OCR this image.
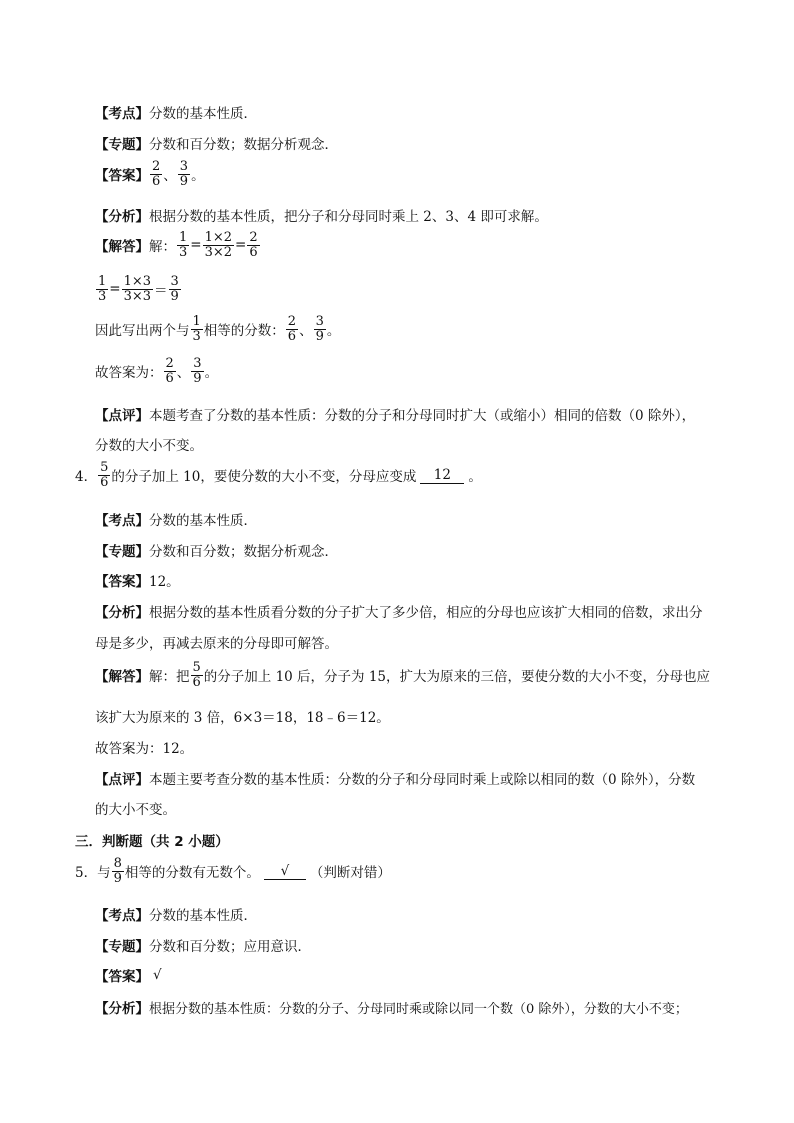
【考点】 分数的基本性质．
【专题】 分数和百分数；数据分析观念．
【答案】 $\frac{2}{6}$ 、 $\frac{3}{9}$ 。
【分析】 根据分数的基本性质，把分子和分母同时乘上 2、3、4 即可求解。
【解答】 解： $\frac{1}{3} = \frac{1\times 2}{3\times 2} = \frac{2}{6}$
$\frac{1}{3} = \frac{1\times 3}{3\times 3} = \frac{3}{9}$
因此写出两个与 $\frac{1}{3}$ 相等的分数： $\frac{2}{6}$ 、 $\frac{3}{9}$ 。
故答案为： $\frac{2}{6}$ 、 $\frac{3}{9}$ 。
【点评】 本题考查了分数的基本性质：分数的分子和分母同时扩大（或缩小）相同的倍数（0 除外），
分数的大小不变。
4． $\frac{5}{6}$ 的分子加上 10，要使分数的大小不变，分母应变成	12	。
【考点】 分数的基本性质．
【专题】 分数和百分数；数据分析观念．
【答案】 12。
【分析】 根据分数的基本性质看分数的分子扩大了多少倍，相应的分母也应该扩大相同的倍数，求出分
母是多少，再减去原来的分母即可解答。
【解答】 解：把 $\frac{5}{6}$ 的分子加上 10 后，分子为 15，扩大为原来的三倍，要使分数的大小不变，分母也应
该扩大为原来的 3 倍，6×3＝18，18﹣6＝12。
故答案为：12。
【点评】 本题主要考查分数的基本性质：分数的分子和分母同时乘上或除以相同的数（0 除外），分数
的大小不变。
三．判断题（共 2 小题）
5． 与 $\frac{8}{9}$ 相等的分数有无数个。	√	（判断对错）
【考点】 分数的基本性质．
【专题】 分数和百分数；应用意识．
【答案】 √
【分析】 根据分数的基本性质：分数的分子、分母同时乘或除以同一个数（0 除外），分数的大小不变；
